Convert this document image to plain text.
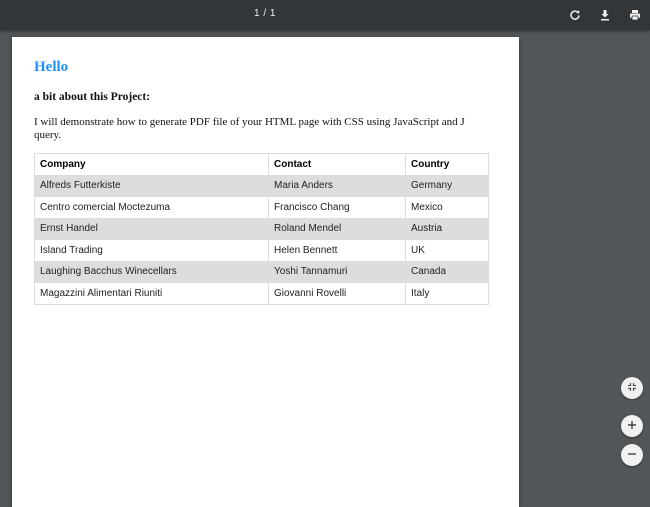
1 / 1
Hello
a bit about this Project:

I will demonstrate how to generate PDF file of your HTML page with CSS using JavaScript and J query.

Company	Contact	Country
Alfreds Futterkiste	Maria Anders	Germany
Centro comercial Moctezuma	Francisco Chang	Mexico
Ernst Handel	Roland Mendel	Austria
Island Trading	Helen Bennett	UK
Laughing Bacchus Winecellars	Yoshi Tannamuri	Canada
Magazzini Alimentari Riuniti	Giovanni Rovelli	Italy
